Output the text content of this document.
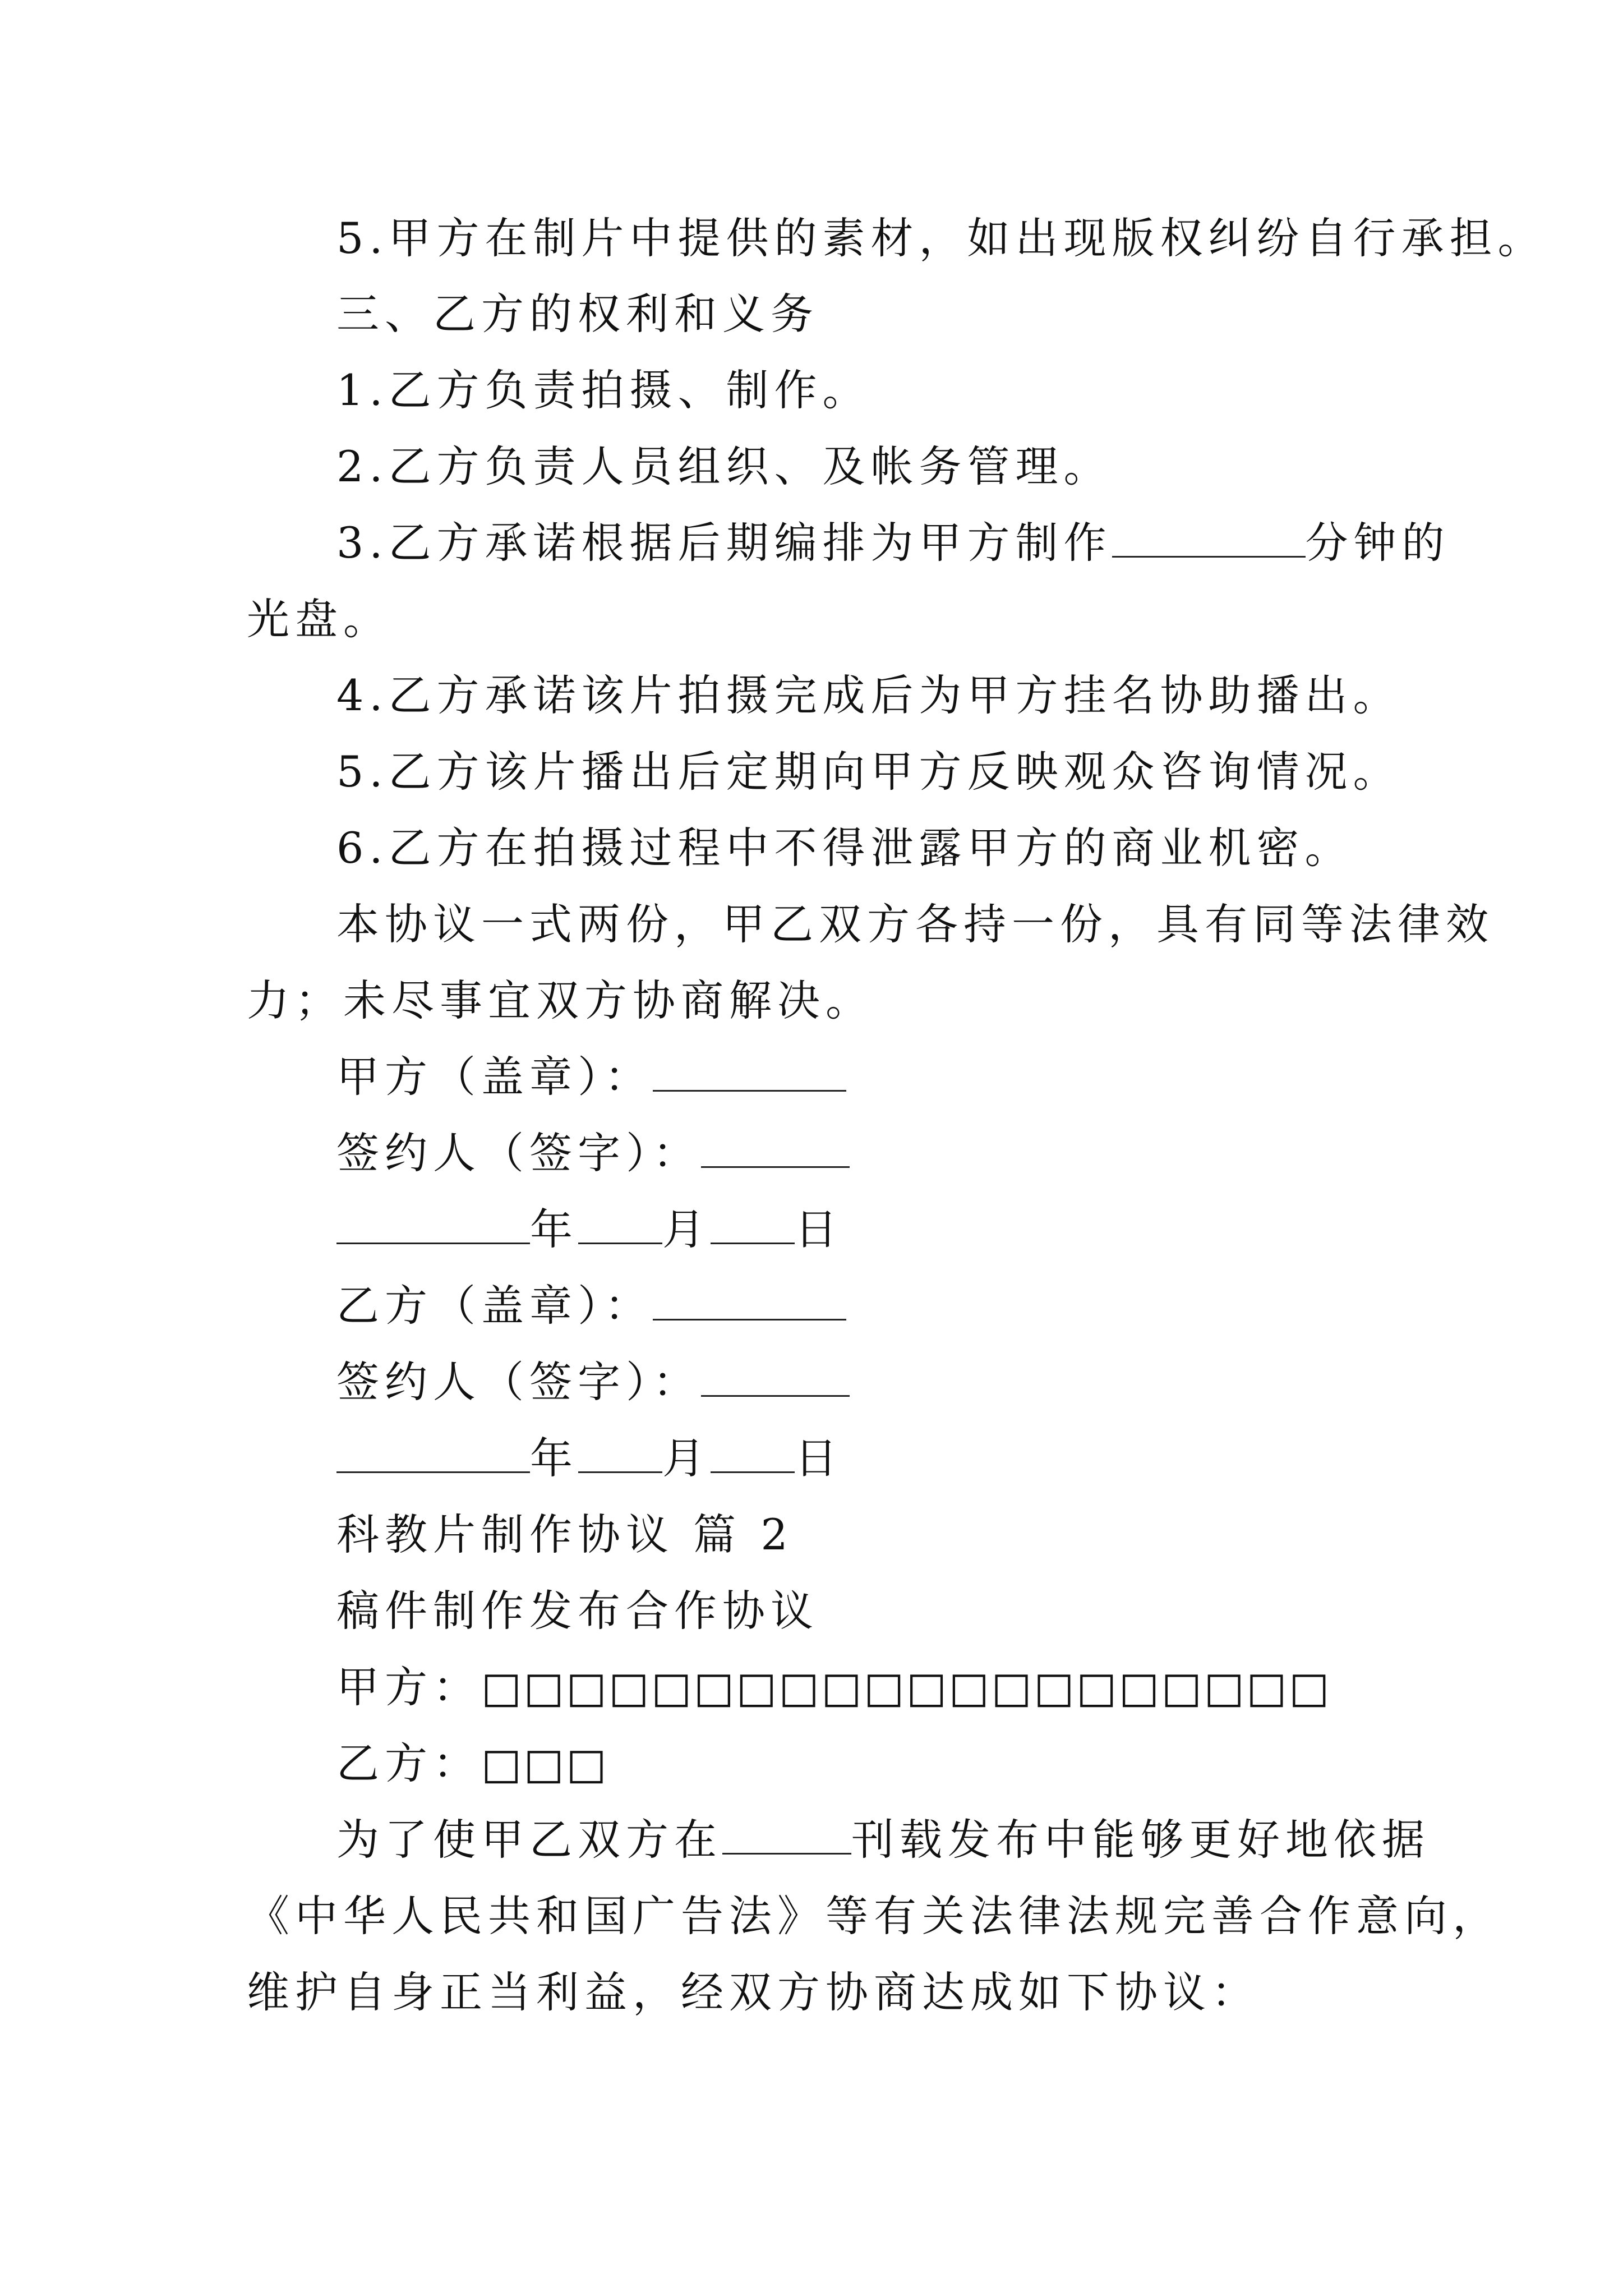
5.甲方在制片中提供的素材，如出现版权纠纷自行承担。

三、乙方的权利和义务

1.乙方负责拍摄、制作。

2.乙方负责人员组织、及帐务管理。

3.乙方承诺根据后期编排为甲方制作	分钟的

光盘。

4.乙方承诺该片拍摄完成后为甲方挂名协助播出。

5.乙方该片播出后定期向甲方反映观众咨询情况。

6.乙方在拍摄过程中不得泄露甲方的商业机密。

本协议一式两份，甲乙双方各持一份，具有同等法律效

力；未尽事宜双方协商解决。

甲方（盖章）：

签约人（签字）：

年 月 日

乙方（盖章）：

签约人（签字）：

年 月 日

科教片制作协议 篇 2

稿件制作发布合作协议

甲方：□□□□□□□□□□□□□□□□□□□□

乙方：□□□

为了使甲乙双方在	刊载发布中能够更好地依据

《中华人民共和国广告法》等有关法律法规完善合作意向，

维护自身正当利益，经双方协商达成如下协议：
